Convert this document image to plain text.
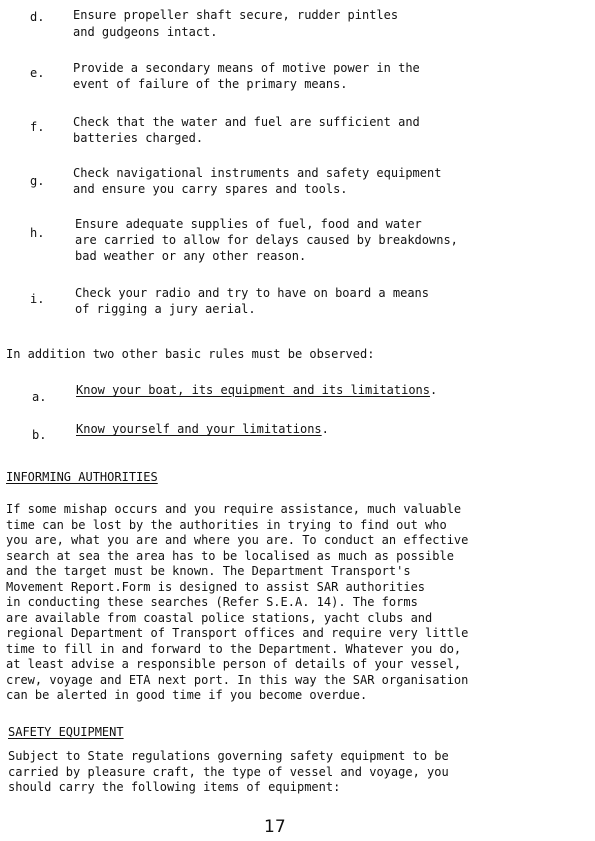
d. Ensure propeller shaft secure, rudder pintles
and gudgeons intact.
e. Provide a secondary means of motive power in the
event of failure of the primary means.
f. Check that the water and fuel are sufficient and
batteries charged.
g.
Check navigational instruments and safety equipment
and ensure you carry spares and tools.
h.
Ensure adequate supplies of fuel, food and water
are carried to allow for delays caused by breakdowns,
bad weather or any other reason.
i.	Check your radio and try to have on board a means
of rigging a jury aerial.
In addition two other basic rules must be observed:
a. Know your boat, its equipment and its limitations.
b. Know yourself and your limitations.
INFORMING AUTHORITIES
If some mishap occurs and you require assistance, much valuable
time can be lost by the authorities in trying to find out who
you are, what you are and where you are. To conduct an effective
search at sea the area has to be localised as much as possible
and the target must be known. The Department Transport's
Movement Report.Form is designed to assist SAR authorities
in conducting these searches (Refer S.E.A. 14). The forms
are available from coastal police stations, yacht clubs and
regional Department of Transport offices and require very little
time to fill in and forward to the Department. Whatever you do,
at least advise a responsible person of details of your vessel,
crew, voyage and ETA next port. In this way the SAR organisation
can be alerted in good time if you become overdue.
SAFETY EQUIPMENT
Subject to State regulations governing safety equipment to be
carried by pleasure craft, the type of vessel and voyage, you
should carry the following items of equipment:
17
